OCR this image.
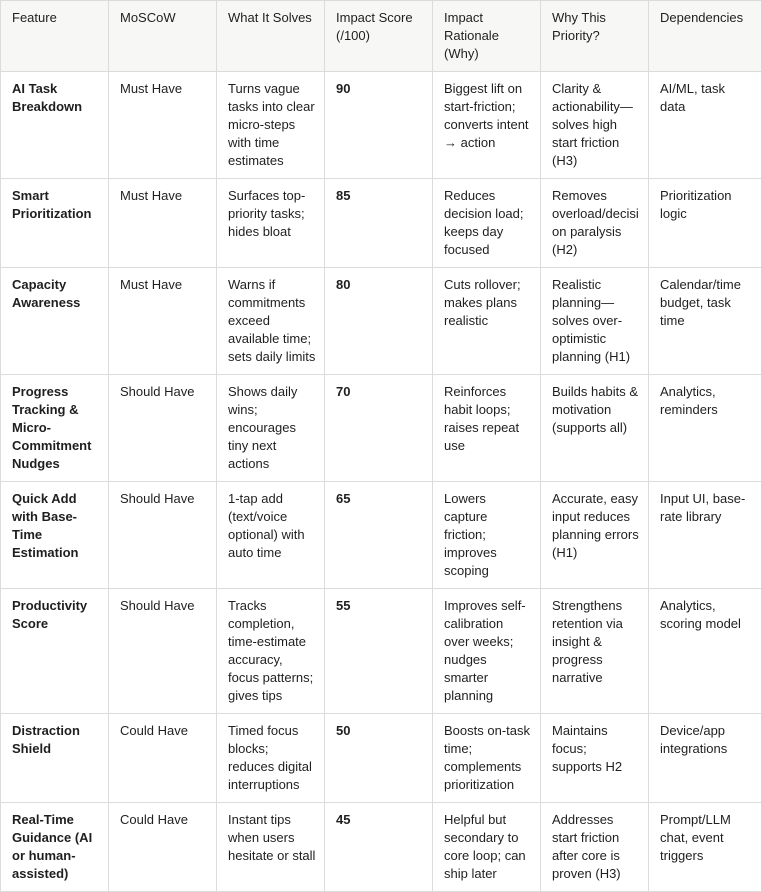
Feature	MoSCoW	What It Solves	Impact Score (/100)	Impact Rationale (Why)	Why This Priority?	Dependencies
AI Task Breakdown	Must Have	Turns vague tasks into clear micro-steps with time estimates	90	Biggest lift on start-friction; converts intent → action	Clarity & actionability—solves high start friction (H3)	AI/ML, task data
Smart Prioritization	Must Have	Surfaces top-priority tasks; hides bloat	85	Reduces decision load; keeps day focused	Removes overload/decision paralysis (H2)	Prioritization logic
Capacity Awareness	Must Have	Warns if commitments exceed available time; sets daily limits	80	Cuts rollover; makes plans realistic	Realistic planning—solves over-optimistic planning (H1)	Calendar/time budget, task time
Progress Tracking & Micro-Commitment Nudges	Should Have	Shows daily wins; encourages tiny next actions	70	Reinforces habit loops; raises repeat use	Builds habits & motivation (supports all)	Analytics, reminders
Quick Add with Base-Time Estimation	Should Have	1-tap add (text/voice optional) with auto time	65	Lowers capture friction; improves scoping	Accurate, easy input reduces planning errors (H1)	Input UI, base-rate library
Productivity Score	Should Have	Tracks completion, time-estimate accuracy, focus patterns; gives tips	55	Improves self-calibration over weeks; nudges smarter planning	Strengthens retention via insight & progress narrative	Analytics, scoring model
Distraction Shield	Could Have	Timed focus blocks; reduces digital interruptions	50	Boosts on-task time; complements prioritization	Maintains focus; supports H2	Device/app integrations
Real-Time Guidance (AI or human-assisted)	Could Have	Instant tips when users hesitate or stall	45	Helpful but secondary to core loop; can ship later	Addresses start friction after core is proven (H3)	Prompt/LLM chat, event triggers
